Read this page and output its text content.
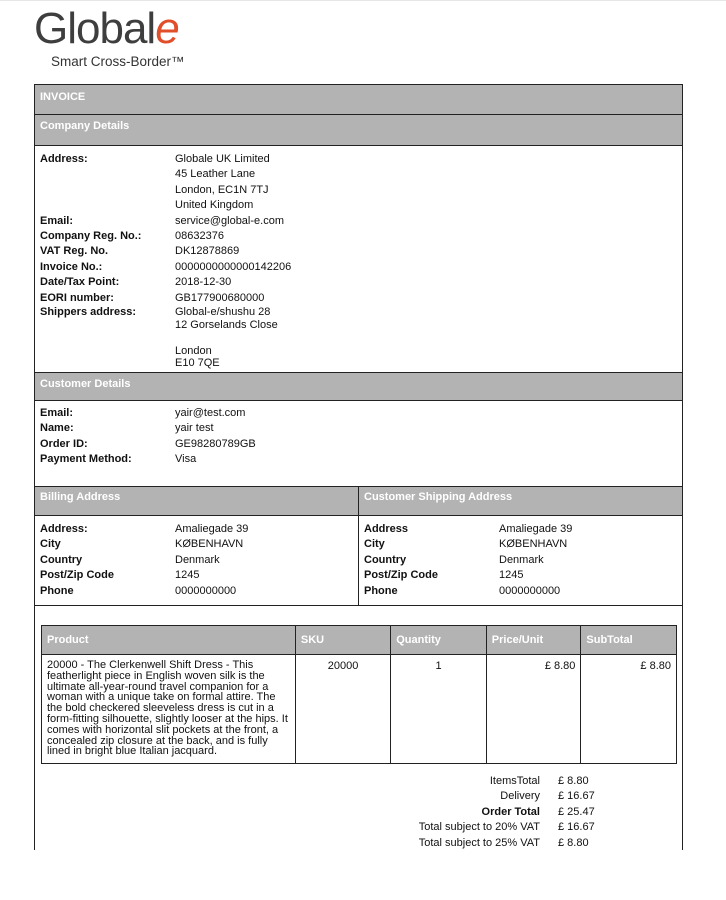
Globale
Smart Cross-Border™
INVOICE
Company Details
Address:	Globale UK Limited
45 Leather Lane
London, EC1N 7TJ
United Kingdom
Email:	service@global-e.com
Company Reg. No.:	08632376
VAT Reg. No.	DK12878869
Invoice No.:	0000000000000142206
Date/Tax Point:	2018-12-30
EORI number:	GB177900680000
Shippers address:	Global-e/shushu 28
12 Gorselands Close
London
E10 7QE
Customer Details
Email:	yair@test.com
Name:	yair test
Order ID:	GE98280789GB
Payment Method:	Visa
Billing Address
Address:	Amaliegade 39
City	KØBENHAVN
Country	Denmark
Post/Zip Code	1245
Phone	0000000000
Customer Shipping Address
Address	Amaliegade 39
City	KØBENHAVN
Country	Denmark
Post/Zip Code	1245
Phone	0000000000
Product	SKU	Quantity	Price/Unit	SubTotal
20000 - The Clerkenwell Shift Dress - This featherlight piece in English woven silk is the ultimate all-year-round travel companion for a woman with a unique take on formal attire. The the bold checkered sleeveless dress is cut in a form-fitting silhouette, slightly looser at the hips. It comes with horizontal slit pockets at the front, a concealed zip closure at the back, and is fully lined in bright blue Italian jacquard.	20000	1	£ 8.80	£ 8.80
ItemsTotal £ 8.80
Delivery £ 16.67
Order Total £ 25.47
Total subject to 20% VAT £ 16.67
Total subject to 25% VAT £ 8.80
